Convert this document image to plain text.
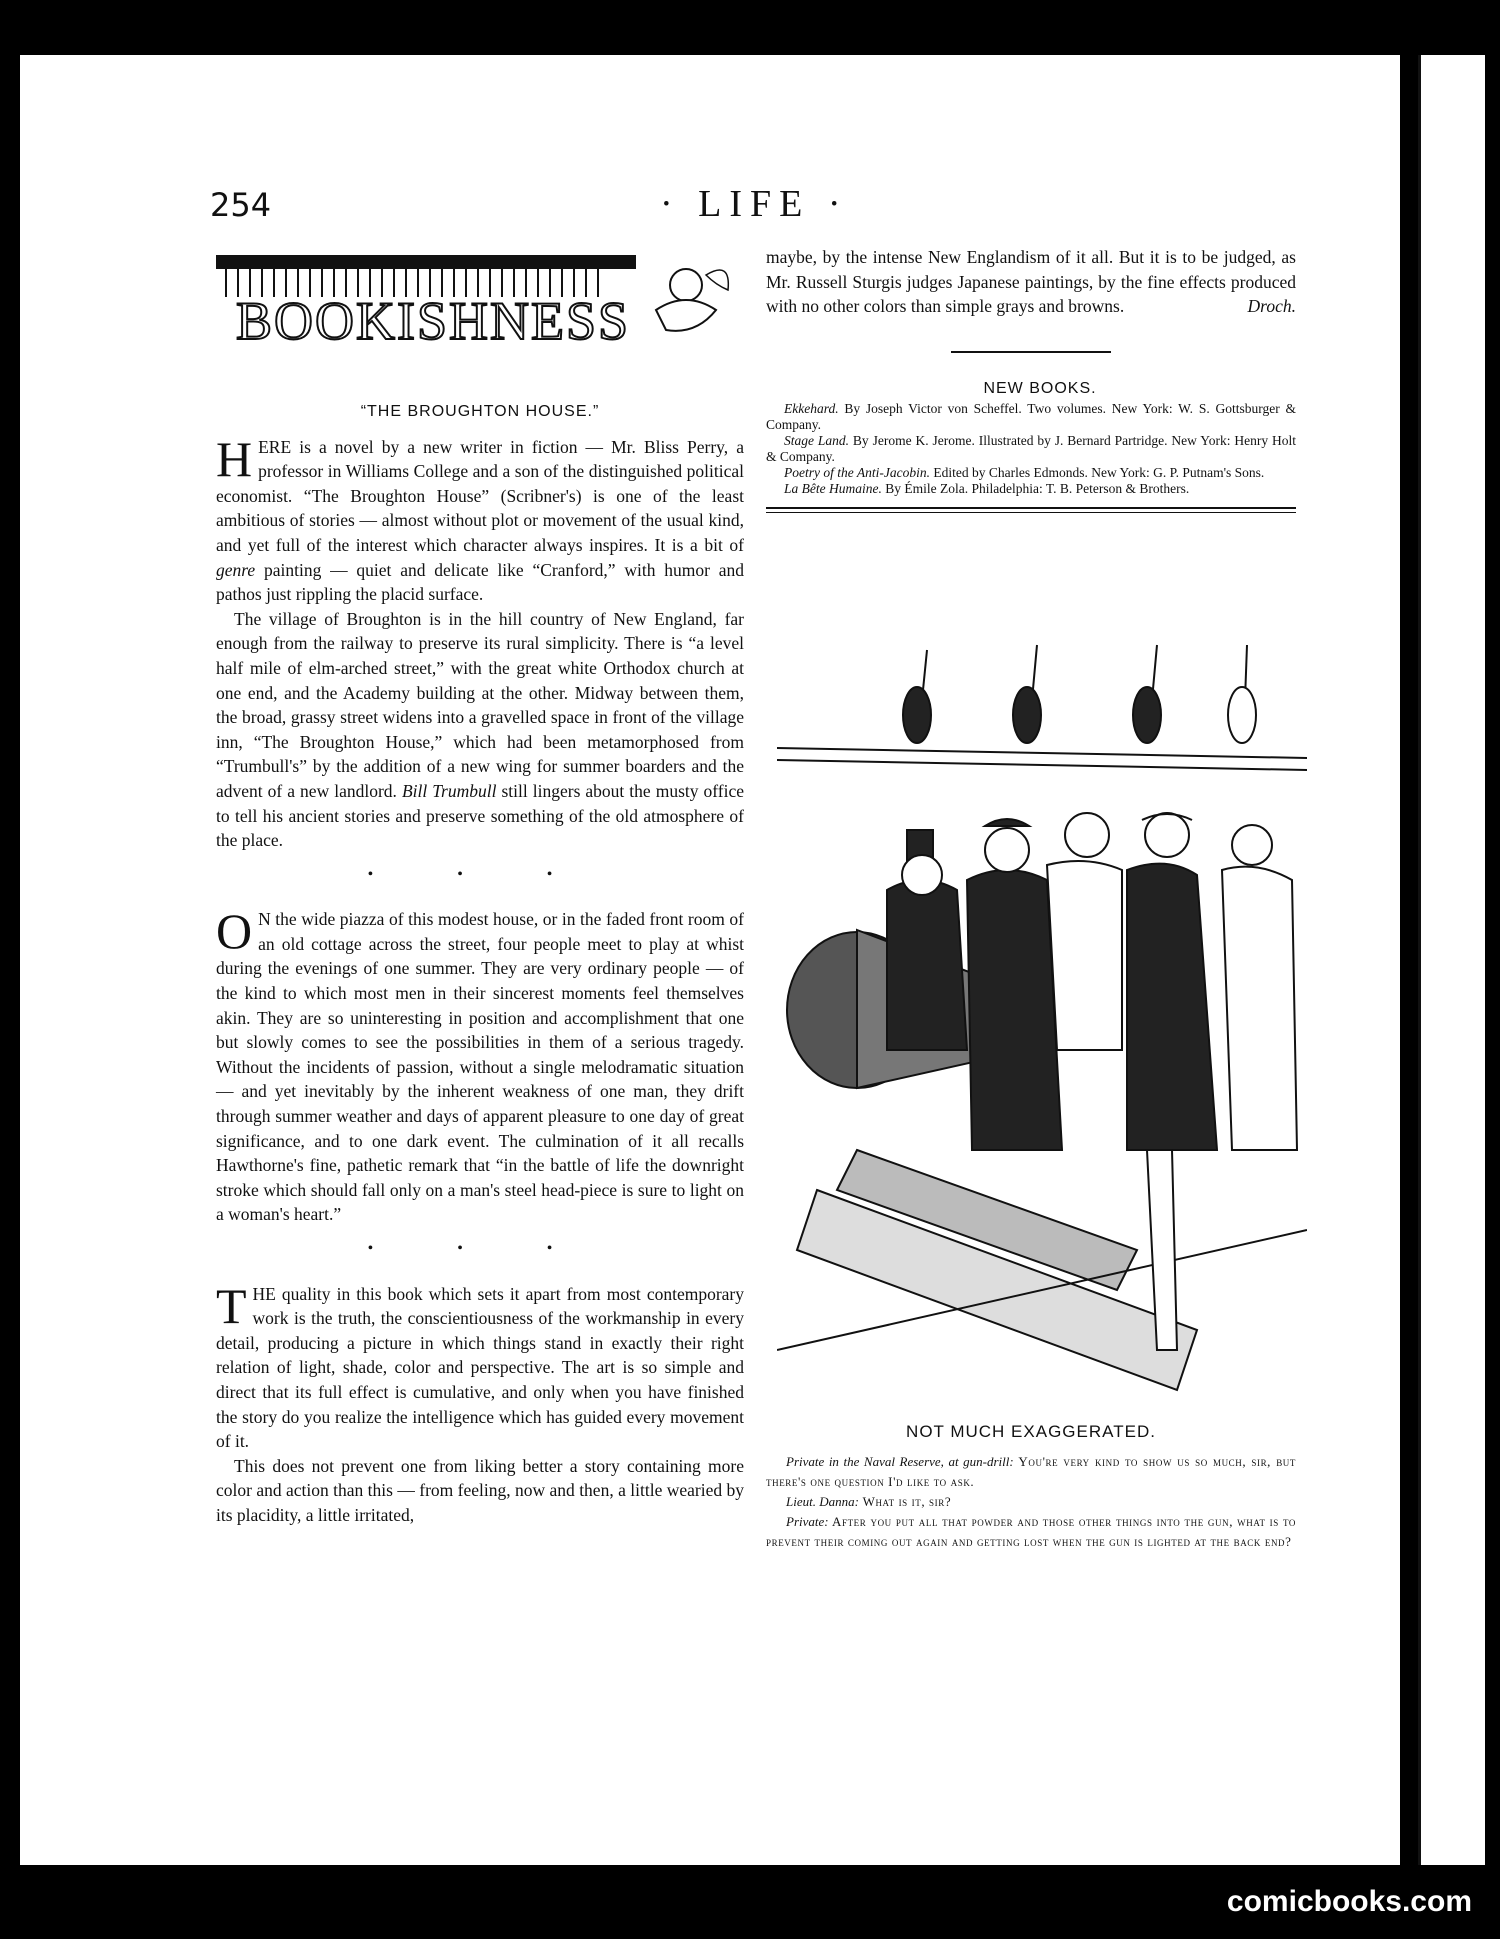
254	· LIFE ·
BOOKISHNESS

“THE BROUGHTON HOUSE.”

HERE is a novel by a new writer in fiction — Mr. Bliss Perry, a professor in Williams College and a son of the distinguished political economist. “The Broughton House” (Scribner's) is one of the least ambitious of stories — almost without plot or movement of the usual kind, and yet full of the interest which character always inspires. It is a bit of genre painting — quiet and delicate like “Cranford,” with humor and pathos just rippling the placid surface.

The village of Broughton is in the hill country of New England, far enough from the railway to preserve its rural simplicity. There is “a level half mile of elm-arched street,” with the great white Orthodox church at one end, and the Academy building at the other. Midway between them, the broad, grassy street widens into a gravelled space in front of the village inn, “The Broughton House,” which had been metamorphosed from “Trumbull's” by the addition of a new wing for summer boarders and the advent of a new landlord. Bill Trumbull still lingers about the musty office to tell his ancient stories and preserve something of the old atmosphere of the place.

• • •

O N the wide piazza of this modest house, or in the faded front room of an old cottage across the street, four people meet to play at whist during the evenings of one summer. They are very ordinary people — of the kind to which most men in their sincerest moments feel themselves akin. They are so uninteresting in position and accomplishment that one but slowly comes to see the possibilities in them of a serious tragedy. Without the incidents of passion, without a single melodramatic situation — and yet inevitably by the inherent weakness of one man, they drift through summer weather and days of apparent pleasure to one day of great significance, and to one dark event. The culmination of it all recalls Hawthorne's fine, pathetic remark that “in the battle of life the downright stroke which should fall only on a man's steel head-piece is sure to light on a woman's heart.”

• • •

THE quality in this book which sets it apart from most contemporary work is the truth, the conscientiousness of the workmanship in every detail, producing a picture in which things stand in exactly their right relation of light, shade, color and perspective. The art is so simple and direct that its full effect is cumulative, and only when you have finished the story do you realize the intelligence which has guided every movement of it.

This does not prevent one from liking better a story containing more color and action than this — from feeling, now and then, a little wearied by its placidity, a little irritated,

maybe, by the intense New Englandism of it all. But it is to be judged, as Mr. Russell Sturgis judges Japanese paintings, by the fine effects produced with no other colors than simple grays and browns.	Droch.

NEW BOOKS.

Ekkehard. By Joseph Victor von Scheffel. Two volumes. New York: W. S. Gottsburger & Company.

Stage Land. By Jerome K. Jerome. Illustrated by J. Bernard Partridge. New York: Henry Holt & Company.

Poetry of the Anti-Jacobin. Edited by Charles Edmonds. New York: G. P. Putnam's Sons.

La Bête Humaine. By Émile Zola. Philadelphia: T. B. Peterson & Brothers.

NOT MUCH EXAGGERATED.

Private in the Naval Reserve, at gun-drill: You're very kind to show us so much, sir, but there's one question I'd like to ask.

Lieut. Danna: What is it, sir?

Private: After you put all that powder and those other things into the gun, what is to prevent their coming out again and getting lost when the gun is lighted at the back end?

comicbooks.com
